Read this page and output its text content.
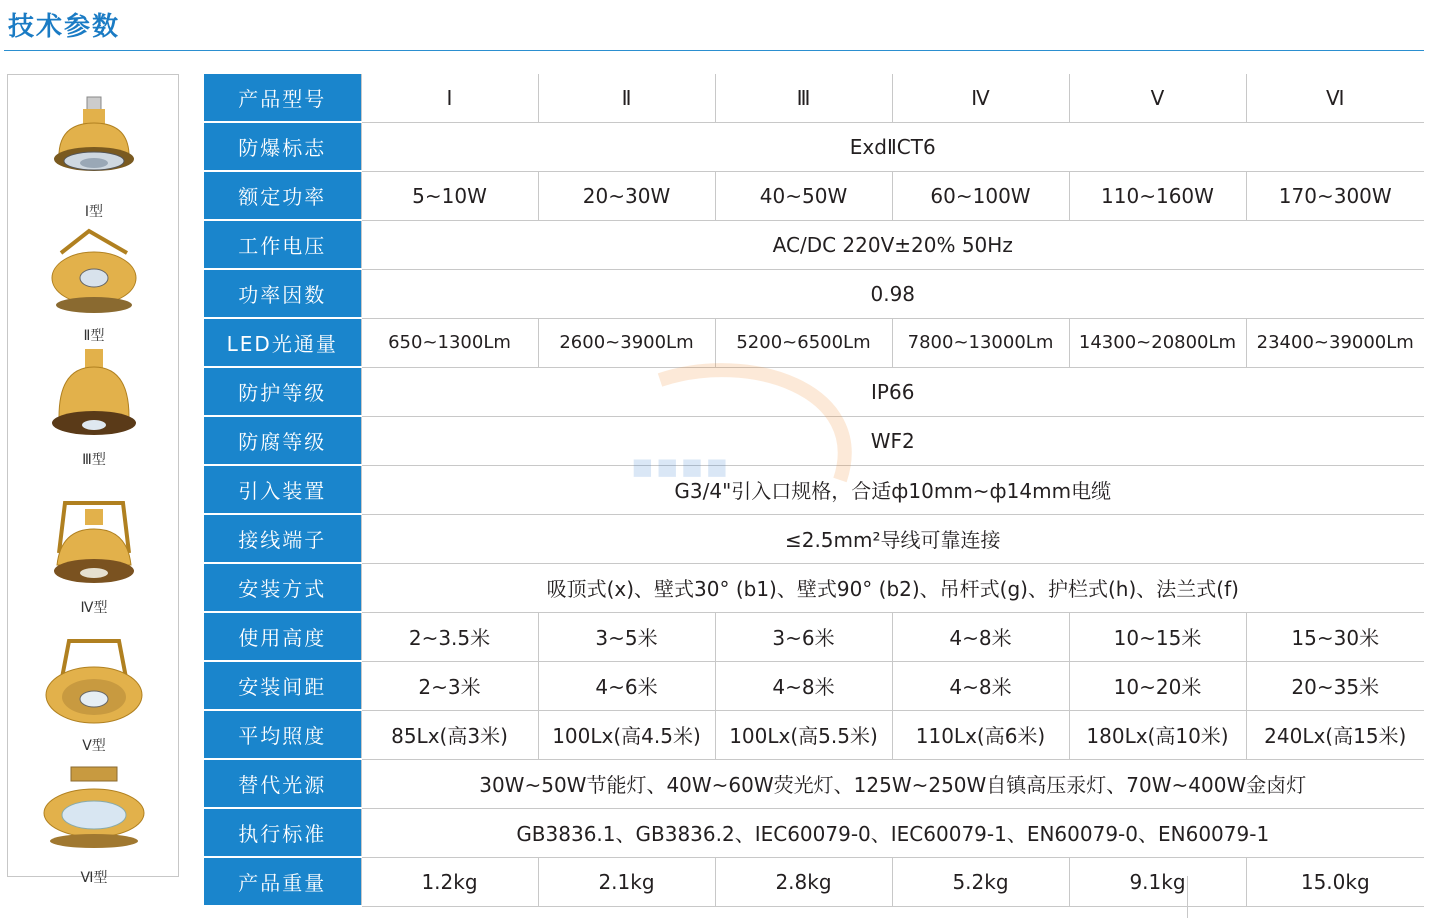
技术参数
Ⅰ型
Ⅱ型
Ⅲ型
Ⅳ型
Ⅴ型
Ⅵ型
产品型号	Ⅰ	Ⅱ	Ⅲ	Ⅳ	Ⅴ	Ⅵ
防爆标志	ExdⅡCT6					
额定功率	5~10W	20~30W	40~50W	60~100W	110~160W	170~300W
工作电压	AC/DC 220V±20% 50Hz					
功率因数	0.98					
LED光通量	650~1300Lm	2600~3900Lm	5200~6500Lm	7800~13000Lm	14300~20800Lm	23400~39000Lm
防护等级	IP66					
防腐等级	WF2					
引入装置	G3/4"引入口规格，合适ф10mm~ф14mm电缆					
接线端子	≤2.5mm²导线可靠连接					
安装方式	吸顶式(x)、壁式30° (b1)、壁式90° (b2)、吊杆式(g)、护栏式(h)、法兰式(f)					
使用高度	2~3.5米	3~5米	3~6米	4~8米	10~15米	15~30米
安装间距	2~3米	4~6米	4~8米	4~8米	10~20米	20~35米
平均照度	85Lx(高3米)	100Lx(高4.5米)	100Lx(高5.5米)	110Lx(高6米)	180Lx(高10米)	240Lx(高15米)
替代光源	30W~50W节能灯、40W~60W荧光灯、125W~250W自镇高压汞灯、70W~400W金卤灯					
执行标准	GB3836.1、GB3836.2、IEC60079-0、IEC60079-1、EN60079-0、EN60079-1					
产品重量	1.2kg	2.1kg	2.8kg	5.2kg	9.1kg	15.0kg
▪▪▪▪
